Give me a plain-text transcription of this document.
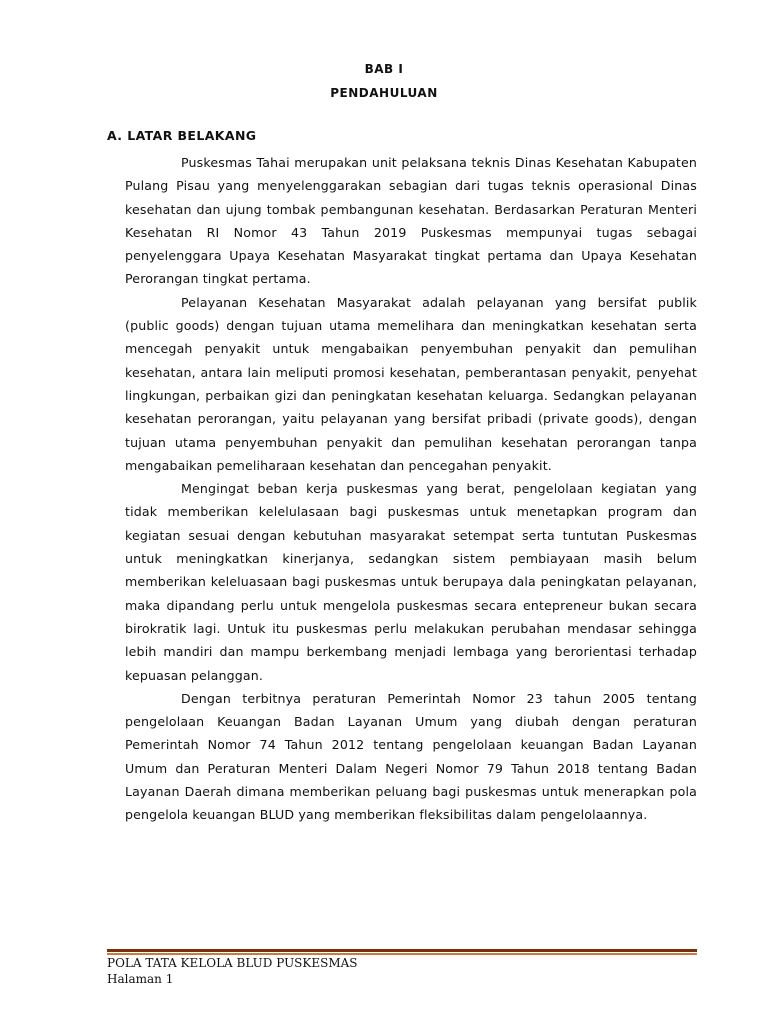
BAB I
PENDAHULUAN
A. LATAR BELAKANG

Puskesmas Tahai merupakan unit pelaksana teknis Dinas Kesehatan Kabupaten Pulang Pisau yang menyelenggarakan sebagian dari tugas teknis operasional Dinas kesehatan dan ujung tombak pembangunan kesehatan. Berdasarkan Peraturan Menteri Kesehatan RI Nomor 43 Tahun 2019 Puskesmas mempunyai tugas sebagai penyelenggara Upaya Kesehatan Masyarakat tingkat pertama dan Upaya Kesehatan Perorangan tingkat pertama.

Pelayanan Kesehatan Masyarakat adalah pelayanan yang bersifat publik (public goods) dengan tujuan utama memelihara dan meningkatkan kesehatan serta mencegah penyakit untuk mengabaikan penyembuhan penyakit dan pemulihan kesehatan, antara lain meliputi promosi kesehatan, pemberantasan penyakit, penyehat lingkungan, perbaikan gizi dan peningkatan kesehatan keluarga. Sedangkan pelayanan kesehatan perorangan, yaitu pelayanan yang bersifat pribadi (private goods), dengan tujuan utama penyembuhan penyakit dan pemulihan kesehatan perorangan tanpa mengabaikan pemeliharaan kesehatan dan pencegahan penyakit.

Mengingat beban kerja puskesmas yang berat, pengelolaan kegiatan yang tidak memberikan kelelulasaan bagi puskesmas untuk menetapkan program dan kegiatan sesuai dengan kebutuhan masyarakat setempat serta tuntutan Puskesmas untuk meningkatkan kinerjanya, sedangkan sistem pembiayaan masih belum memberikan keleluasaan bagi puskesmas untuk berupaya dala peningkatan pelayanan, maka dipandang perlu untuk mengelola puskesmas secara entepreneur bukan secara birokratik lagi. Untuk itu puskesmas perlu melakukan perubahan mendasar sehingga lebih mandiri dan mampu berkembang menjadi lembaga yang berorientasi terhadap kepuasan pelanggan.

Dengan terbitnya peraturan Pemerintah Nomor 23 tahun 2005 tentang pengelolaan Keuangan Badan Layanan Umum yang diubah dengan peraturan Pemerintah Nomor 74 Tahun 2012 tentang pengelolaan keuangan Badan Layanan Umum dan Peraturan Menteri Dalam Negeri Nomor 79 Tahun 2018 tentang Badan Layanan Daerah dimana memberikan peluang bagi puskesmas untuk menerapkan pola pengelola keuangan BLUD yang memberikan fleksibilitas dalam pengelolaannya.

POLA TATA KELOLA BLUD PUSKESMAS
Halaman 1
